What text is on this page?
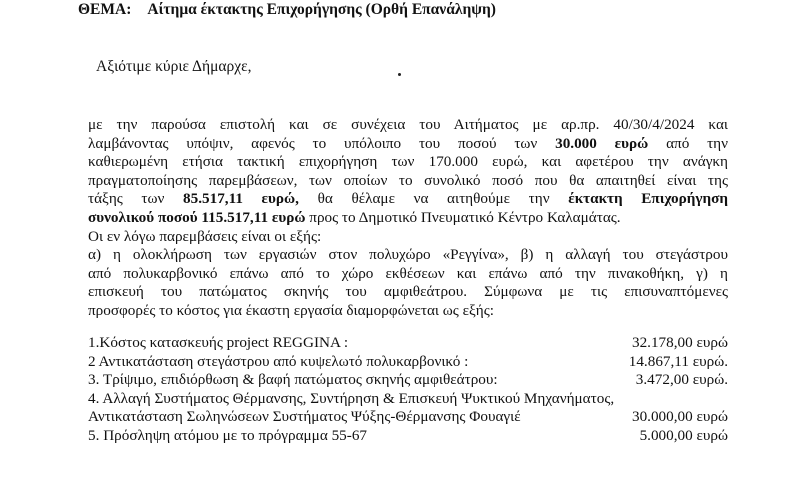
ΘΕΜΑ: Αίτημα έκτακτης Επιχορήγησης (Ορθή Επανάληψη)
Αξιότιμε κύριε Δήμαρχε,
με την παρούσα επιστολή και σε συνέχεια του Αιτήματος με αρ.πρ. 40/30/4/2024 και
λαμβάνοντας υπόψιν, αφενός το υπόλοιπο του ποσού των 30.000 ευρώ από την
καθιερωμένη ετήσια τακτική επιχορήγηση των 170.000 ευρώ, και αφετέρου την ανάγκη
πραγματοποίησης παρεμβάσεων, των οποίων το συνολικό ποσό που θα απαιτηθεί είναι της
τάξης των 85.517,11 ευρώ, θα θέλαμε να αιτηθούμε την έκτακτη Επιχορήγηση
συνολικού ποσού 115.517,11 ευρώ προς το Δημοτικό Πνευματικό Κέντρο Καλαμάτας.
Οι εν λόγω παρεμβάσεις είναι οι εξής:
α) η ολοκλήρωση των εργασιών στον πολυχώρο «Ρεγγίνα», β) η αλλαγή του στεγάστρου
από πολυκαρβονικό επάνω από το χώρο εκθέσεων και επάνω από την πινακοθήκη, γ) η
επισκευή του πατώματος σκηνής του αμφιθεάτρου. Σύμφωνα με τις επισυναπτόμενες
προσφορές το κόστος για έκαστη εργασία διαμορφώνεται ως εξής:
1.Κόστος κατασκευής project REGGINA :	32.178,00 ευρώ
2 Αντικατάσταση στεγάστρου από κυψελωτό πολυκαρβονικό :	14.867,11 ευρώ.
3. Τρίψιμο, επιδιόρθωση & βαφή πατώματος σκηνής αμφιθεάτρου:	3.472,00 ευρώ.
4. Αλλαγή Συστήματος Θέρμανσης, Συντήρηση & Επισκευή Ψυκτικού Μηχανήματος,
Αντικατάσταση Σωληνώσεων Συστήματος Ψύξης-Θέρμανσης Φουαγιέ	30.000,00 ευρώ
5. Πρόσληψη ατόμου με το πρόγραμμα 55-67	5.000,00 ευρώ
